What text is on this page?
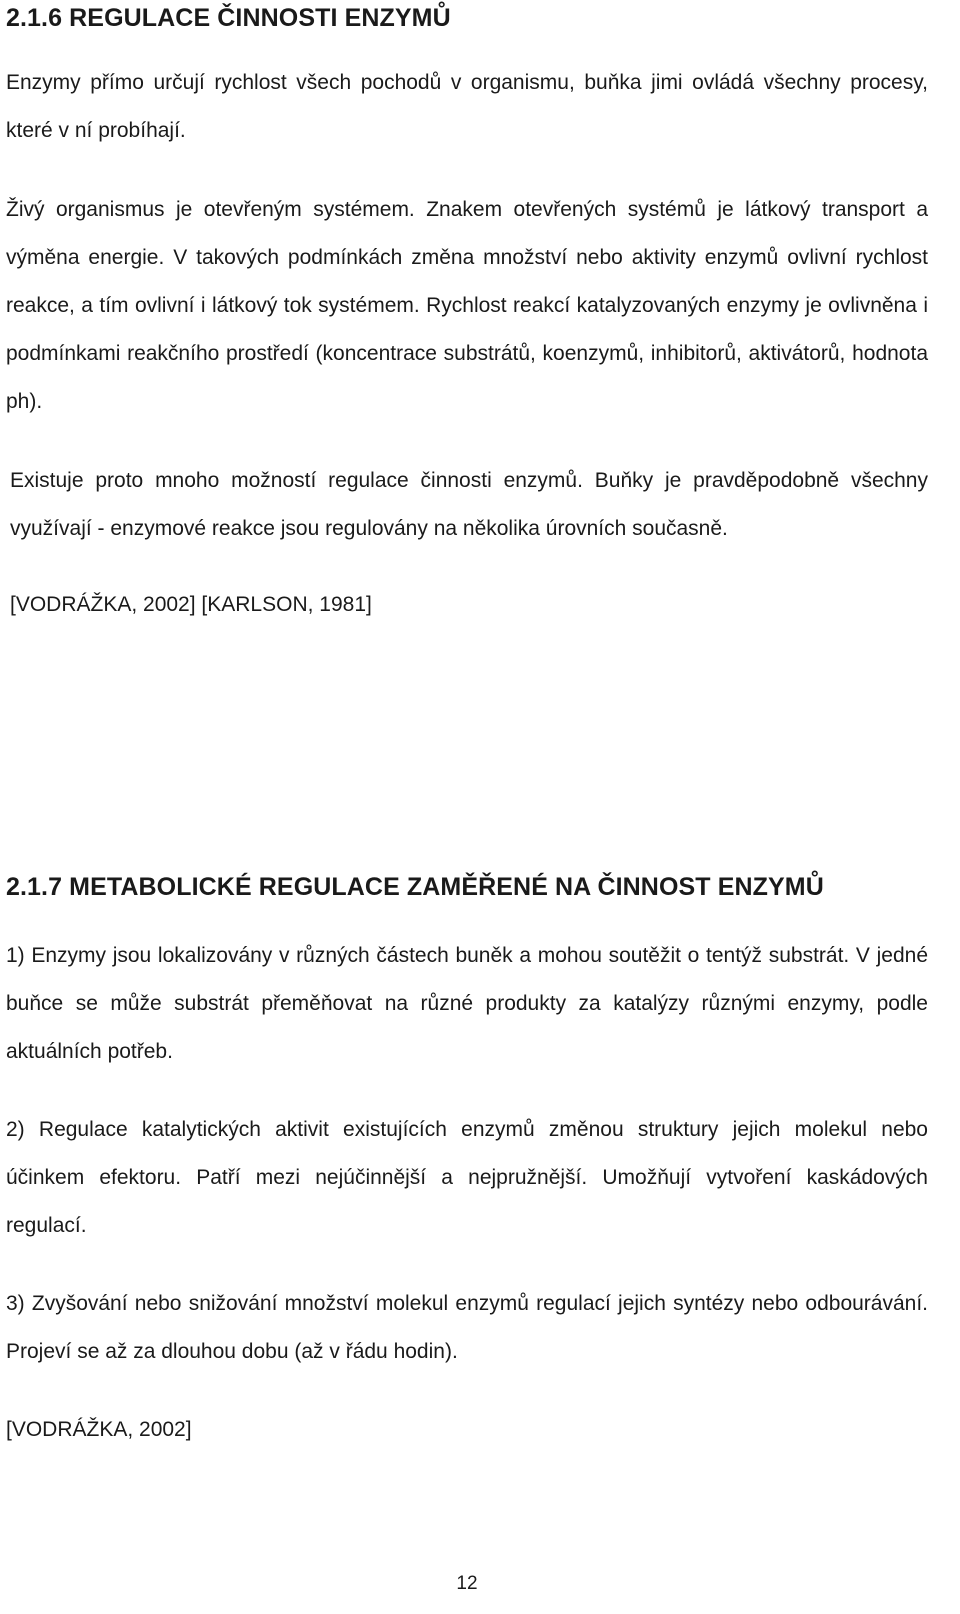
2.1.6 REGULACE ČINNOSTI ENZYMŮ

Enzymy přímo určují rychlost všech pochodů v organismu, buňka jimi ovládá všechny procesy, které v ní probíhají.

Živý organismus je otevřeným systémem. Znakem otevřených systémů je látkový transport a výměna energie. V takových podmínkách změna množství nebo aktivity enzymů ovlivní rychlost reakce, a tím ovlivní i látkový tok systémem. Rychlost reakcí katalyzovaných enzymy je ovlivněna i podmínkami reakčního prostředí (koncentrace substrátů, koenzymů, inhibitorů, aktivátorů, hodnota ph).

Existuje proto mnoho možností regulace činnosti enzymů. Buňky je pravděpodobně všechny využívají - enzymové reakce jsou regulovány na několika úrovních současně.

[VODRÁŽKA, 2002] [KARLSON, 1981]

2.1.7 METABOLICKÉ REGULACE ZAMĚŘENÉ NA ČINNOST ENZYMŮ

1) Enzymy jsou lokalizovány v různých částech buněk a mohou soutěžit o tentýž substrát. V jedné buňce se může substrát přeměňovat na různé produkty za katalýzy různými enzymy, podle aktuálních potřeb.

2) Regulace katalytických aktivit existujících enzymů změnou struktury jejich molekul nebo účinkem efektoru. Patří mezi nejúčinnější a nejpružnější. Umožňují vytvoření kaskádových regulací.

3) Zvyšování nebo snižování množství molekul enzymů regulací jejich syntézy nebo odbourávání. Projeví se až za dlouhou dobu (až v řádu hodin).

[VODRÁŽKA, 2002]

12
